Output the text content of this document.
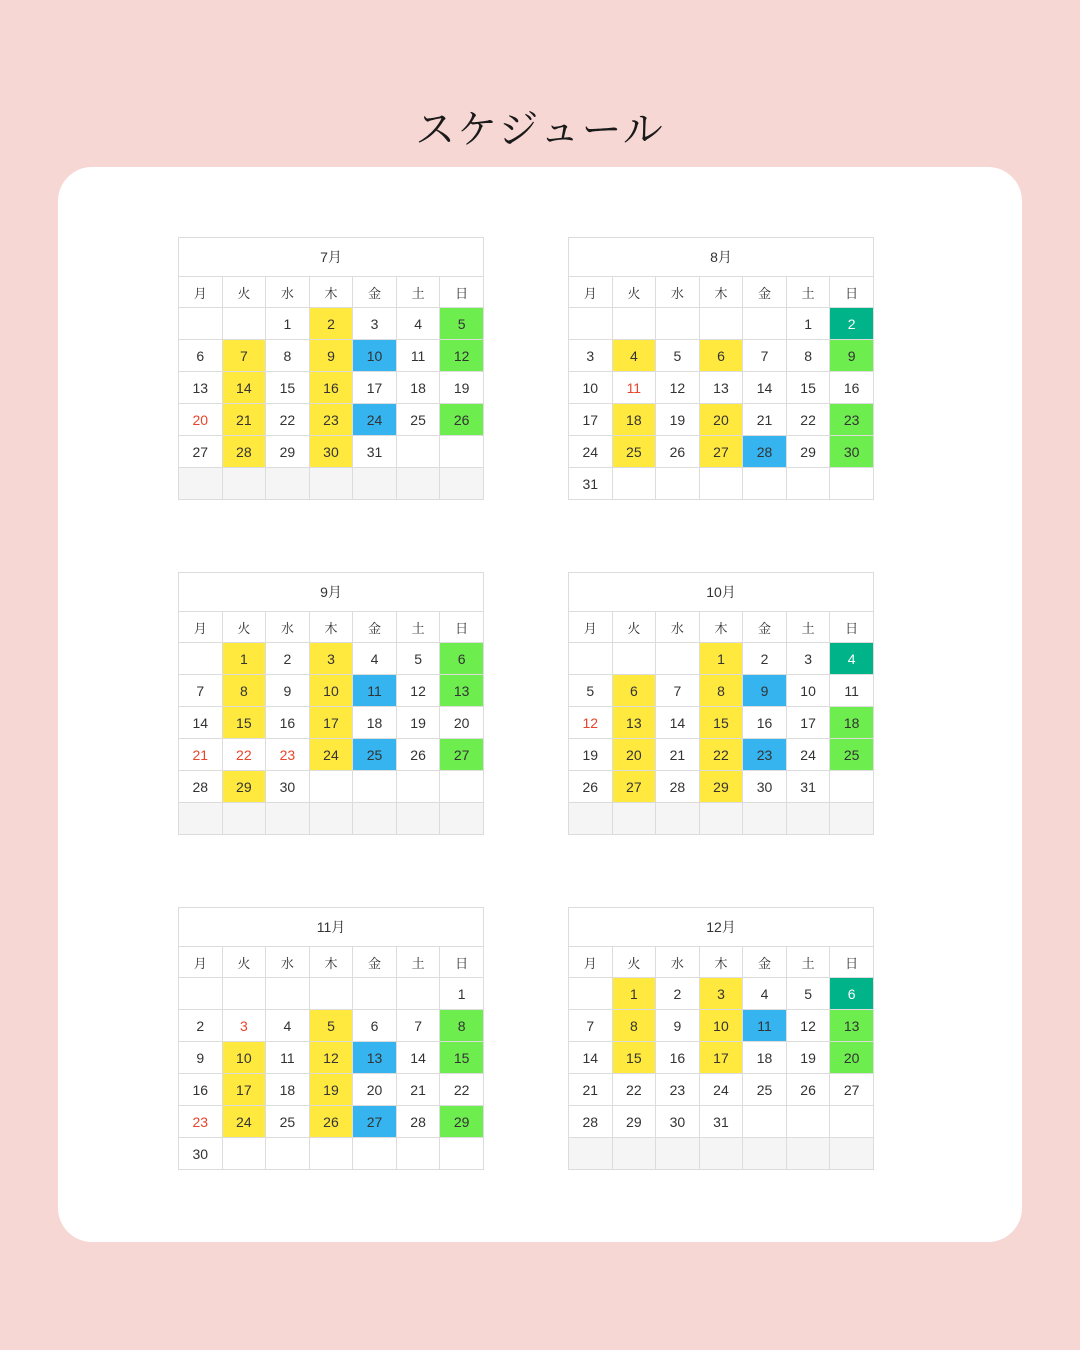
スケジュール
7月						
月	火	水	木	金	土	日
		1	2	3	4	5
6	7	8	9	10	11	12
13	14	15	16	17	18	19
20	21	22	23	24	25	26
27	28	29	30	31		

8月						
月	火	水	木	金	土	日
					1	2
3	4	5	6	7	8	9
10	11	12	13	14	15	16
17	18	19	20	21	22	23
24	25	26	27	28	29	30
31						
9月						
月	火	水	木	金	土	日
	1	2	3	4	5	6
7	8	9	10	11	12	13
14	15	16	17	18	19	20
21	22	23	24	25	26	27
28	29	30				

10月						
月	火	水	木	金	土	日
			1	2	3	4
5	6	7	8	9	10	11
12	13	14	15	16	17	18
19	20	21	22	23	24	25
26	27	28	29	30	31	

11月						
月	火	水	木	金	土	日
						1
2	3	4	5	6	7	8
9	10	11	12	13	14	15
16	17	18	19	20	21	22
23	24	25	26	27	28	29
30						
12月						
月	火	水	木	金	土	日
	1	2	3	4	5	6
7	8	9	10	11	12	13
14	15	16	17	18	19	20
21	22	23	24	25	26	27
28	29	30	31			
